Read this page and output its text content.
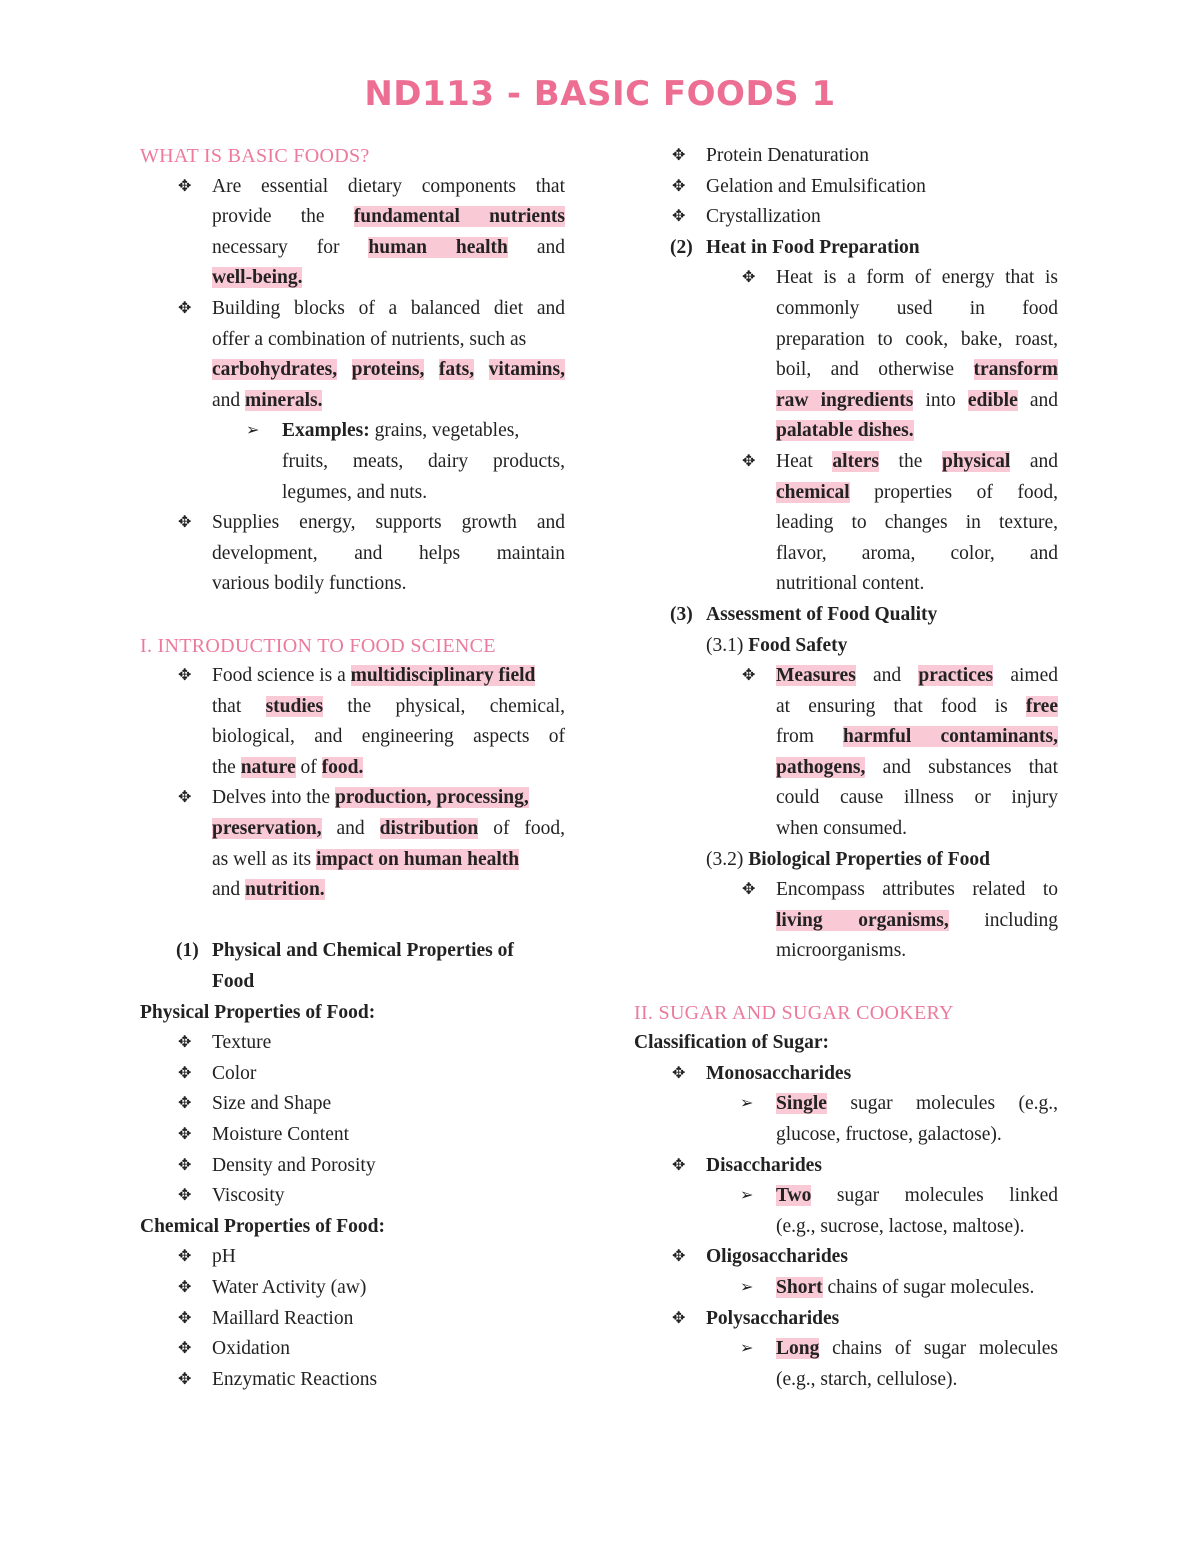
ND113 - BASIC FOODS 1
WHAT IS BASIC FOODS?
✥ Are essential dietary components that
provide the fundamental nutrients
necessary for human health and
well-being.
✥ Building blocks of a balanced diet and
offer a combination of nutrients, such as
carbohydrates, proteins, fats, vitamins,
and minerals.
➢ Examples: grains, vegetables,
fruits, meats, dairy products,
legumes, and nuts.
✥ Supplies energy, supports growth and
development, and helps maintain
various bodily functions.
I. INTRODUCTION TO FOOD SCIENCE
✥ Food science is a multidisciplinary field
that studies the physical, chemical,
biological, and engineering aspects of
the nature of food.
✥ Delves into the production, processing,
preservation, and distribution of food,
as well as its impact on human health
and nutrition.
(1) Physical and Chemical Properties of
Food
Physical Properties of Food:
✥ Texture
✥ Color
✥ Size and Shape
✥ Moisture Content
✥ Density and Porosity
✥ Viscosity
Chemical Properties of Food:
✥ pH
✥ Water Activity (aw)
✥ Maillard Reaction
✥ Oxidation
✥ Enzymatic Reactions
✥ Protein Denaturation
✥ Gelation and Emulsification
✥ Crystallization
(2) Heat in Food Preparation
✥ Heat is a form of energy that is
commonly used in food
preparation to cook, bake, roast,
boil, and otherwise transform
raw ingredients into edible and
palatable dishes.
✥ Heat alters the physical and
chemical properties of food,
leading to changes in texture,
flavor, aroma, color, and
nutritional content.
(3) Assessment of Food Quality
(3.1) Food Safety
✥ Measures and practices aimed
at ensuring that food is free
from harmful contaminants,
pathogens, and substances that
could cause illness or injury
when consumed.
(3.2) Biological Properties of Food
✥ Encompass attributes related to
living organisms, including
microorganisms.
II. SUGAR AND SUGAR COOKERY
Classification of Sugar:
✥ Monosaccharides
➢ Single sugar molecules (e.g.,
glucose, fructose, galactose).
✥ Disaccharides
➢ Two sugar molecules linked
(e.g., sucrose, lactose, maltose).
✥ Oligosaccharides
➢ Short chains of sugar molecules.
✥ Polysaccharides
➢ Long chains of sugar molecules
(e.g., starch, cellulose).
